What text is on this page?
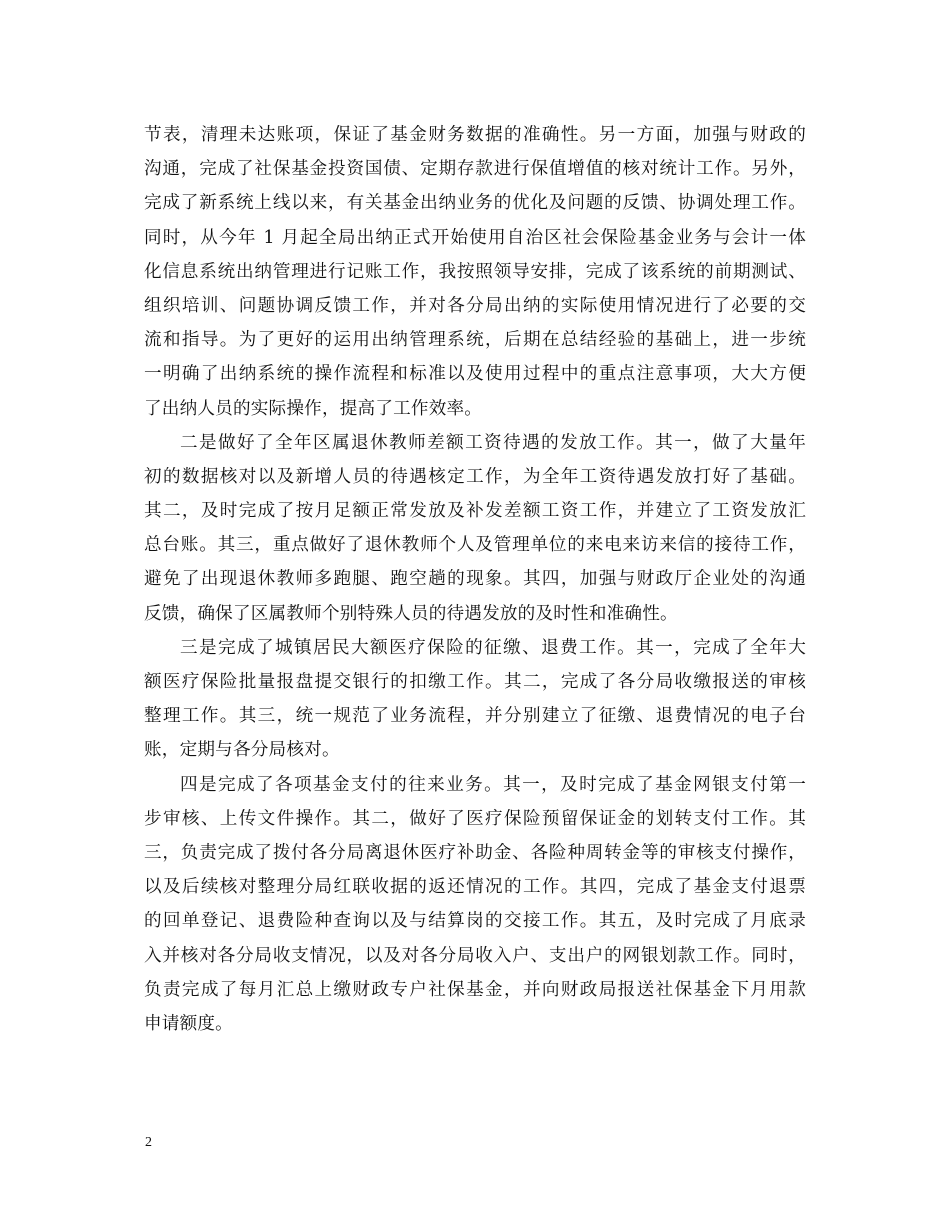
节表，清理未达账项，保证了基金财务数据的准确性。另一方面，加强与财政的
沟通，完成了社保基金投资国债、定期存款进行保值增值的核对统计工作。另外，
完成了新系统上线以来，有关基金出纳业务的优化及问题的反馈、协调处理工作。
同时，从今年 1 月起全局出纳正式开始使用自治区社会保险基金业务与会计一体
化信息系统出纳管理进行记账工作，我按照领导安排，完成了该系统的前期测试、
组织培训、问题协调反馈工作，并对各分局出纳的实际使用情况进行了必要的交
流和指导。为了更好的运用出纳管理系统，后期在总结经验的基础上，进一步统
一明确了出纳系统的操作流程和标准以及使用过程中的重点注意事项，大大方便
了出纳人员的实际操作，提高了工作效率。
二是做好了全年区属退休教师差额工资待遇的发放工作。其一，做了大量年
初的数据核对以及新增人员的待遇核定工作，为全年工资待遇发放打好了基础。
其二，及时完成了按月足额正常发放及补发差额工资工作，并建立了工资发放汇
总台账。其三，重点做好了退休教师个人及管理单位的来电来访来信的接待工作，
避免了出现退休教师多跑腿、跑空趟的现象。其四，加强与财政厅企业处的沟通
反馈，确保了区属教师个别特殊人员的待遇发放的及时性和准确性。
三是完成了城镇居民大额医疗保险的征缴、退费工作。其一，完成了全年大
额医疗保险批量报盘提交银行的扣缴工作。其二，完成了各分局收缴报送的审核
整理工作。其三，统一规范了业务流程，并分别建立了征缴、退费情况的电子台
账，定期与各分局核对。
四是完成了各项基金支付的往来业务。其一，及时完成了基金网银支付第一
步审核、上传文件操作。其二，做好了医疗保险预留保证金的划转支付工作。其
三，负责完成了拨付各分局离退休医疗补助金、各险种周转金等的审核支付操作，
以及后续核对整理分局红联收据的返还情况的工作。其四，完成了基金支付退票
的回单登记、退费险种查询以及与结算岗的交接工作。其五，及时完成了月底录
入并核对各分局收支情况，以及对各分局收入户、支出户的网银划款工作。同时，
负责完成了每月汇总上缴财政专户社保基金，并向财政局报送社保基金下月用款
申请额度。
2
